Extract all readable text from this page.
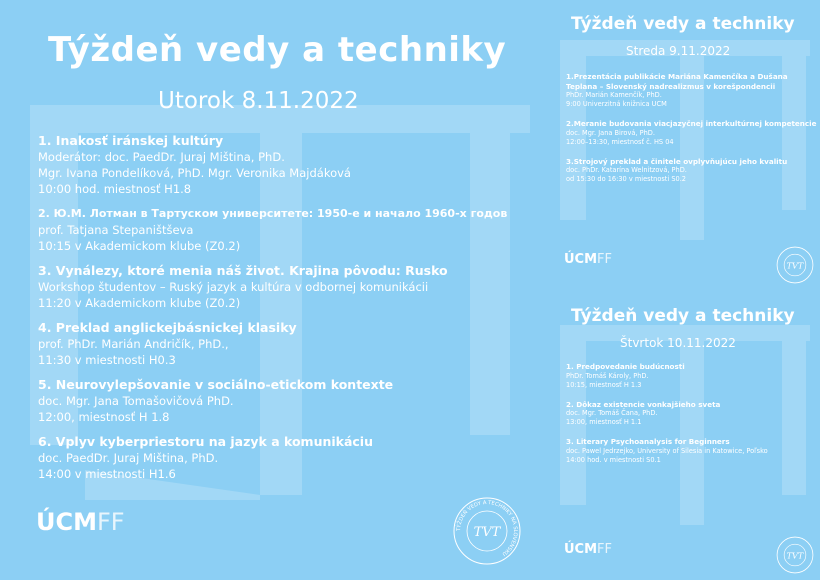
Týždeň vedy a techniky
Utorok 8.11.2022
1. Inakosť iránskej kultúry
Moderátor: doc. PaedDr. Juraj Miština, PhD.
Mgr. Ivana Pondelíková, PhD. Mgr. Veronika Majdáková
10:00 hod. miestnosť H1.8
2. Ю.М. Лотман в Тартуском университете: 1950-е и начало 1960-х годов
prof. Tatjana Stepaništševa
10:15 v Akademickom klube (Z0.2)
3. Vynálezy, ktoré menia náš život. Krajina pôvodu: Rusko
Workshop študentov – Ruský jazyk a kultúra v odbornej komunikácii
11:20 v Akademickom klube (Z0.2)
4. Preklad anglickejbásnickej klasiky
prof. PhDr. Marián Andričík, PhD.,
11:30 v miestnosti H0.3
5. Neurovylepšovanie v sociálno-etickom kontexte
doc. Mgr. Jana Tomašovičová PhD.
12:00, miestnosť H 1.8
6. Vplyv kyberpriestoru na jazyk a komunikáciu
doc. PaedDr. Juraj Miština, PhD.
14:00 v miestnosti H1.6
ÚCMFF	TÝŽDEŇ VEDY A TECHNIKY NA SLOVENSKU
TVT
Týždeň vedy a techniky
Streda 9.11.2022
1.Prezentácia publikácie Mariána Kamenčíka a Dušana Teplana – Slovenský nadrealizmus v korešpondencii
PhDr. Marián Kamenčík, PhD.
9:00 Univerzitná knižnica UCM
2.Meranie budovania viacjazyčnej interkultúrnej kompetencie
doc. Mgr. Jana Birová, PhD.
12:00–13:30, miestnosť č. HS 04
3.Strojový preklad a činitele ovplyvňujúcu jeho kvalitu
doc. PhDr. Katarína Welnitzová, PhD.
od 15:30 do 16:30 v miestnosti S0.2
ÚCMFF	TVT
Týždeň vedy a techniky
Štvrtok 10.11.2022
1. Predpovedanie budúcnosti
PhDr. Tomáš Károly, PhD.
10:15, miestnosť H 1.3
2. Dôkaz existencie vonkajšieho sveta
doc. Mgr. Tomáš Čana, PhD.
13:00, miestnosť H 1.1
3. Literary Psychoanalysis for Beginners
doc. Pawel Jedrzejko, University of Silesia in Katowice, Poľsko
14:00 hod. v miestnosti S0.1
ÚCMFF	TVT
